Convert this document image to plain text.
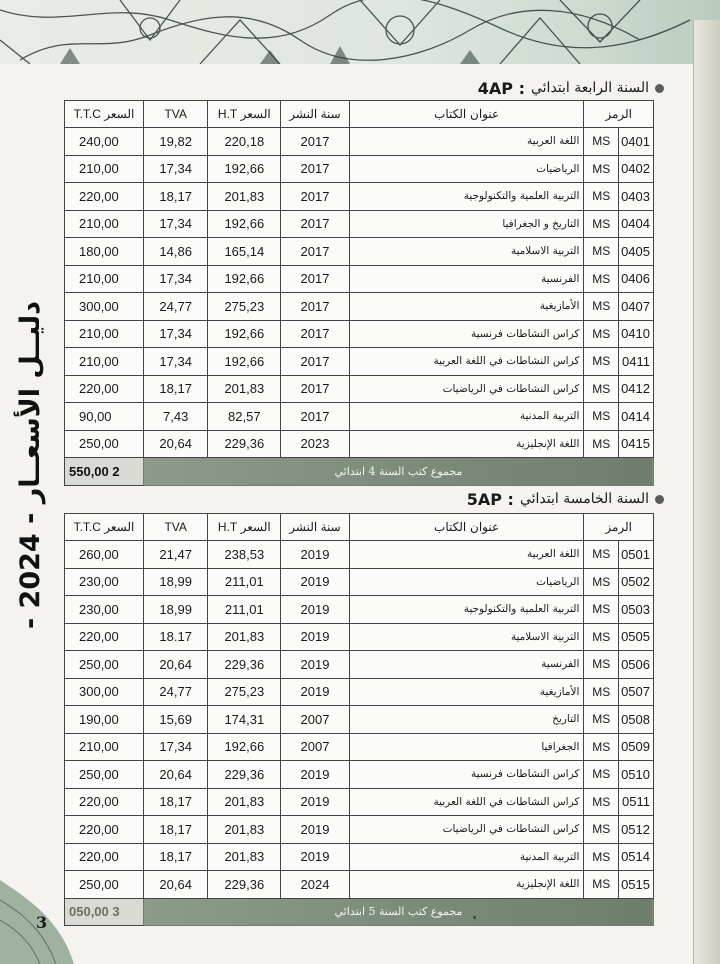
دليــل الأسعــار - 2024 -
السنة الرابعة ابتدائي
4AP :
الرمز		عنوان الكتاب	سنة النشر	السعر H.T	TVA	السعر T.T.C
0401	MS	اللغة العربية	2017	220,18	19,82	240,00
0402	MS	الرياضيات	2017	192,66	17,34	210,00
0403	MS	التربية العلمية والتكنولوجية	2017	201,83	18,17	220,00
0404	MS	التاريخ و الجغرافيا	2017	192,66	17,34	210,00
0405	MS	التربية الاسلامية	2017	165,14	14,86	180,00
0406	MS	الفرنسية	2017	192,66	17,34	210,00
0407	MS	الأمازيغية	2017	275,23	24,77	300,00
0410	MS	كراس النشاطات فرنسية	2017	192,66	17,34	210,00
0411	MS	كراس النشاطات في اللغة العربية	2017	192,66	17,34	210,00
0412	MS	كراس النشاطات في الرياضيات	2017	201,83	18,17	220,00
0414	MS	التربية المدنية	2017	82,57	7,43	90,00
0415	MS	اللغة الإنجليزية	2023	229,36	20,64	250,00
مجموع كتب السنة 4 ابتدائي						2 550,00
السنة الخامسة ابتدائي
5AP :
الرمز		عنوان الكتاب	سنة النشر	السعر H.T	TVA	السعر T.T.C
0501	MS	اللغة العربية	2019	238,53	21,47	260,00
0502	MS	الرياضيات	2019	211,01	18,99	230,00
0503	MS	التربية العلمية والتكنولوجية	2019	211,01	18,99	230,00
0505	MS	التربية الاسلامية	2019	201,83	18.17	220,00
0506	MS	الفرنسية	2019	229,36	20,64	250,00
0507	MS	الأمازيغية	2019	275,23	24,77	300,00
0508	MS	التاريخ	2007	174,31	15,69	190,00
0509	MS	الجغرافيا	2007	192,66	17,34	210,00
0510	MS	كراس النشاطات فرنسية	2019	229,36	20,64	250,00
0511	MS	كراس النشاطات في اللغة العربية	2019	201,83	18,17	220,00
0512	MS	كراس النشاطات في الرياضيات	2019	201,83	18,17	220,00
0514	MS	التربية المدنية	2019	201,83	18,17	220,00
0515	MS	اللغة الإنجليزية	2024	229,36	20,64	250,00
مجموع كتب السنة 5 ابتدائي						3 050,00
3
